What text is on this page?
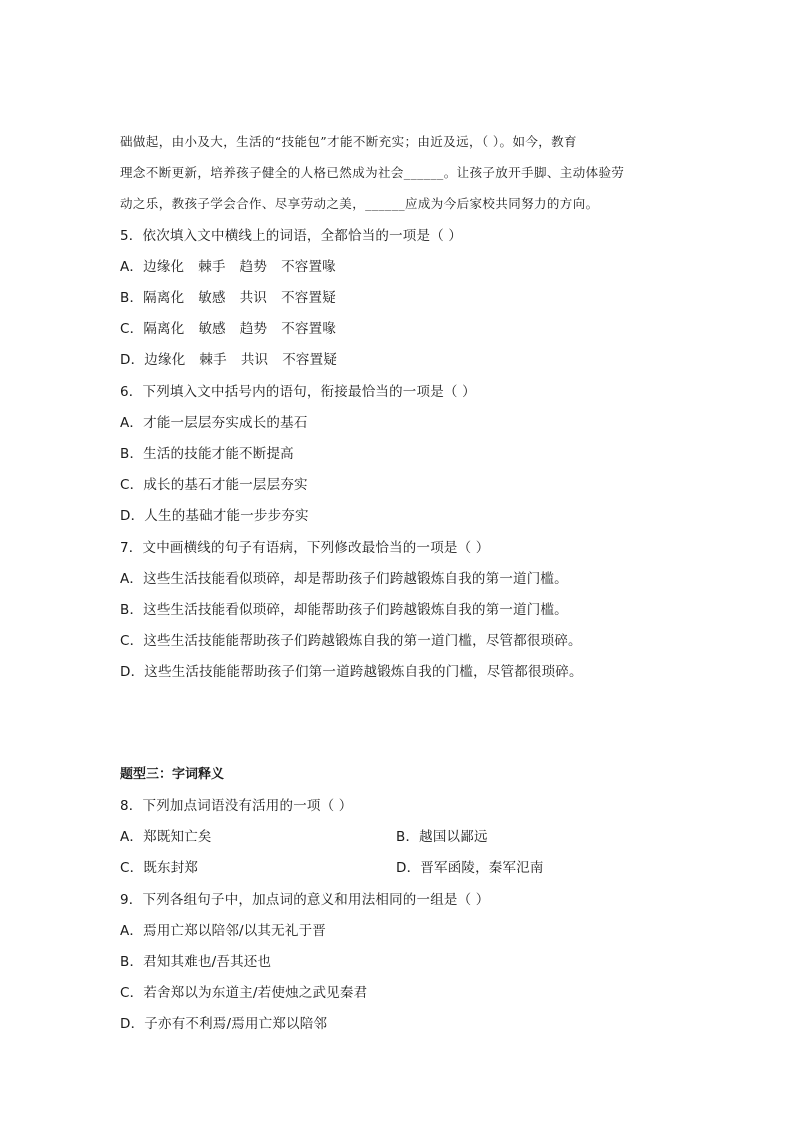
础做起，由小及大，生活的“技能包”才能不断充实；由近及远，（ ）。如今，教育
理念不断更新，培养孩子健全的人格已然成为社会______。让孩子放开手脚、主动体验劳
动之乐，教孩子学会合作、尽享劳动之美，______应成为今后家校共同努力的方向。
5．依次填入文中横线上的词语，全都恰当的一项是（ ）
A．边缘化 棘手 趋势 不容置喙
B．隔离化 敏感 共识 不容置疑
C．隔离化 敏感 趋势 不容置喙
D．边缘化 棘手 共识 不容置疑
6．下列填入文中括号内的语句，衔接最恰当的一项是（ ）
A．才能一层层夯实成长的基石
B．生活的技能才能不断提高
C．成长的基石才能一层层夯实
D．人生的基础才能一步步夯实
7．文中画横线的句子有语病，下列修改最恰当的一项是（ ）
A．这些生活技能看似琐碎，却是帮助孩子们跨越锻炼自我的第一道门槛。
B．这些生活技能看似琐碎，却能帮助孩子们跨越锻炼自我的第一道门槛。
C．这些生活技能能帮助孩子们跨越锻炼自我的第一道门槛，尽管都很琐碎。
D．这些生活技能能帮助孩子们第一道跨越锻炼自我的门槛，尽管都很琐碎。
题型三：字词释义
8．下列加点词语没有活用的一项（ ）
A．郑既知亡矣	B．越国以鄙远
C．既东封郑	D．晋军函陵，秦军氾南
9．下列各组句子中，加点词的意义和用法相同的一组是（ ）
A．焉用亡郑以陪邻/以其无礼于晋
B．君知其难也/吾其还也
C．若舍郑以为东道主/若使烛之武见秦君
D．子亦有不利焉/焉用亡郑以陪邻
